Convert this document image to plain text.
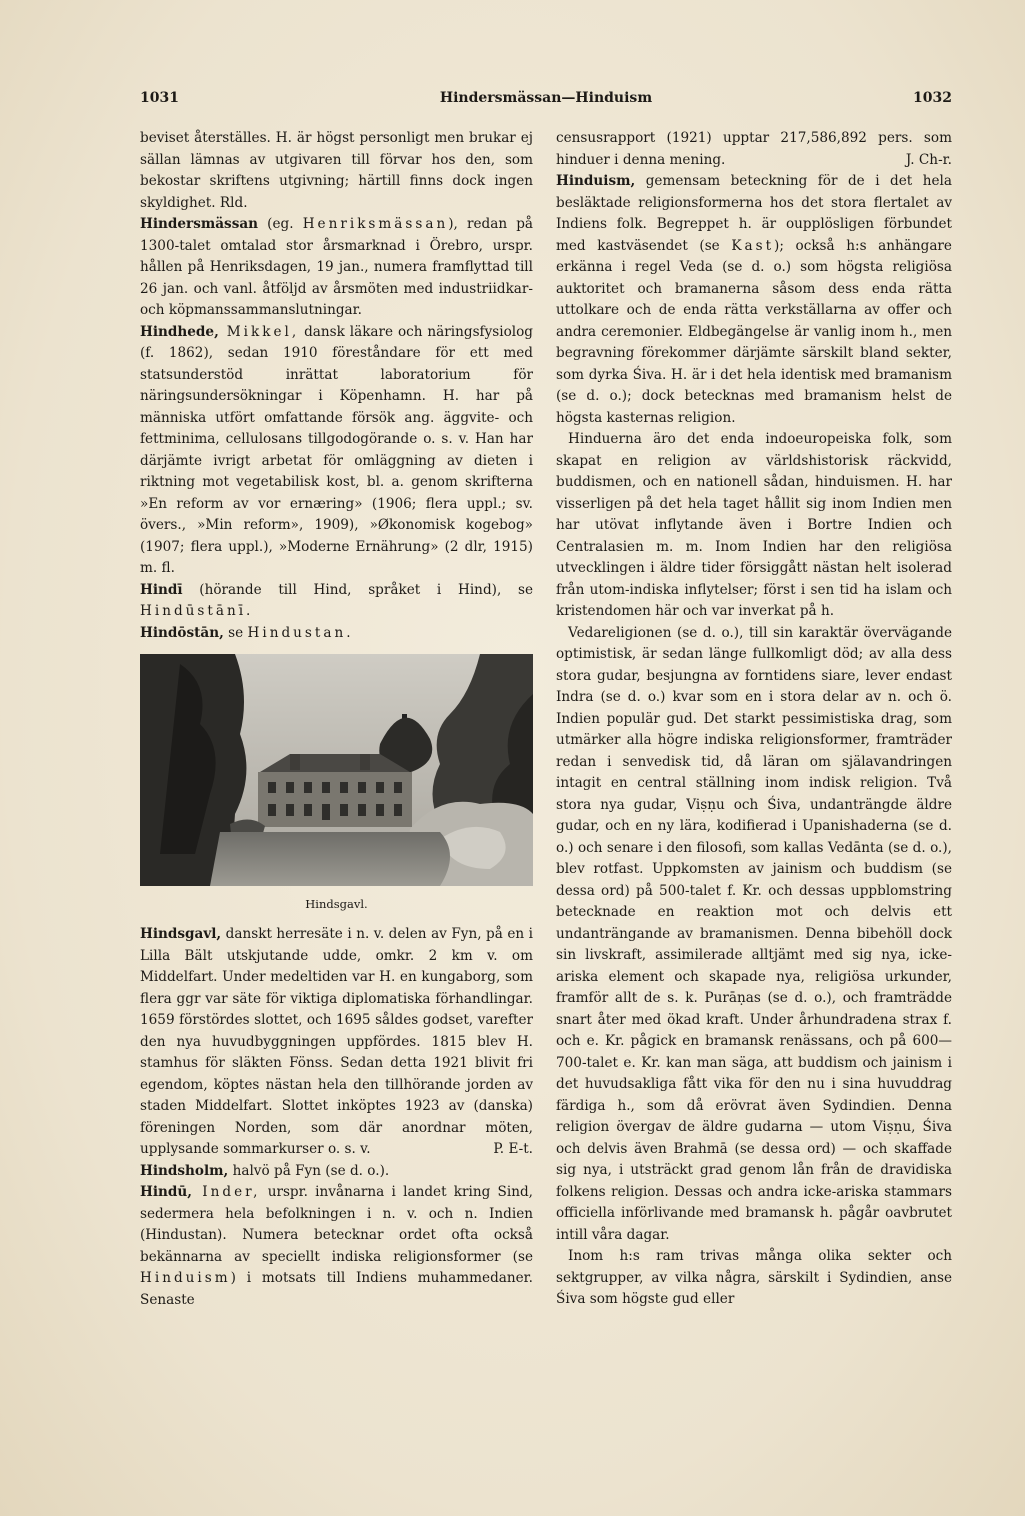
1031	Hindersmässan—Hinduism	1032

beviset återställes. H. är högst personligt men brukar ej sällan lämnas av utgivaren till förvar hos den, som bekostar skriftens utgivning; härtill finns dock ingen skyldighet. Rld.

Hindersmässan (eg. Henriksmässan), redan på 1300-talet omtalad stor årsmarknad i Örebro, urspr. hållen på Henriksdagen, 19 jan., numera framflyttad till 26 jan. och vanl. åtföljd av årsmöten med industriidkar- och köpmanssammanslutningar.

Hindhede, Mikkel, dansk läkare och näringsfysiolog (f. 1862), sedan 1910 föreståndare för ett med statsunderstöd inrättat laboratorium för näringsundersökningar i Köpenhamn. H. har på människa utfört omfattande försök ang. äggvite- och fettminima, cellulosans tillgodogörande o. s. v. Han har därjämte ivrigt arbetat för omläggning av dieten i riktning mot vegetabilisk kost, bl. a. genom skrifterna »En reform av vor ernæring» (1906; flera uppl.; sv. övers., »Min reform», 1909), »Økonomisk kogebog» (1907; flera uppl.), »Moderne Ernährung» (2 dlr, 1915) m. fl.

Hindī (hörande till Hind, språket i Hind), se Hindūstānī.

Hindōstān, se Hindustan.

Hindsgavl.

Hindsgavl, danskt herresäte i n. v. delen av Fyn, på en i Lilla Bält utskjutande udde, omkr. 2 km v. om Middelfart. Under medeltiden var H. en kungaborg, som flera ggr var säte för viktiga diplomatiska förhandlingar. 1659 förstördes slottet, och 1695 såldes godset, varefter den nya huvudbyggningen uppfördes. 1815 blev H. stamhus för släkten Fönss. Sedan detta 1921 blivit fri egendom, köptes nästan hela den tillhörande jorden av staden Middelfart. Slottet inköptes 1923 av (danska) föreningen Norden, som där anordnar möten, upplysande sommarkurser o. s. v.	P. E-t.

Hindsholm, halvö på Fyn (se d. o.).

Hindū, Inder, urspr. invånarna i landet kring Sind, sedermera hela befolkningen i n. v. och n. Indien (Hindustan). Numera betecknar ordet ofta också bekännarna av speciellt indiska religionsformer (se Hinduism) i motsats till Indiens muhammedaner. Senaste

censusrapport (1921) upptar 217,586,892 pers. som hinduer i denna mening.	J. Ch-r.

Hinduism, gemensam beteckning för de i det hela besläktade religionsformerna hos det stora flertalet av Indiens folk. Begreppet h. är oupplösligen förbundet med kastväsendet (se Kast); också h:s anhängare erkänna i regel Veda (se d. o.) som högsta religiösa auktoritet och bramanerna såsom dess enda rätta uttolkare och de enda rätta verkställarna av offer och andra ceremonier. Eldbegängelse är vanlig inom h., men begravning förekommer därjämte särskilt bland sekter, som dyrka Śiva. H. är i det hela identisk med bramanism (se d. o.); dock betecknas med bramanism helst de högsta kasternas religion.

Hinduerna äro det enda indoeuropeiska folk, som skapat en religion av världshistorisk räckvidd, buddismen, och en nationell sådan, hinduismen. H. har visserligen på det hela taget hållit sig inom Indien men har utövat inflytande även i Bortre Indien och Centralasien m. m. Inom Indien har den religiösa utvecklingen i äldre tider försiggått nästan helt isolerad från utom-indiska inflytelser; först i sen tid ha islam och kristendomen här och var inverkat på h.

Vedareligionen (se d. o.), till sin karaktär övervägande optimistisk, är sedan länge fullkomligt död; av alla dess stora gudar, besjungna av forntidens siare, lever endast Indra (se d. o.) kvar som en i stora delar av n. och ö. Indien populär gud. Det starkt pessimistiska drag, som utmärker alla högre indiska religionsformer, framträder redan i senvedisk tid, då läran om själavandringen intagit en central ställning inom indisk religion. Två stora nya gudar, Viṣṇu och Śiva, undanträngde äldre gudar, och en ny lära, kodifierad i Upanishaderna (se d. o.) och senare i den filosofi, som kallas Vedānta (se d. o.), blev rotfast. Uppkomsten av jainism och buddism (se dessa ord) på 500-talet f. Kr. och dessas uppblomstring betecknade en reaktion mot och delvis ett undanträngande av bramanismen. Denna bibehöll dock sin livskraft, assimilerade alltjämt med sig nya, icke-ariska element och skapade nya, religiösa urkunder, framför allt de s. k. Purāṇas (se d. o.), och framträdde snart åter med ökad kraft. Under århundradena strax f. och e. Kr. pågick en bramansk renässans, och på 600—700-talet e. Kr. kan man säga, att buddism och jainism i det huvudsakliga fått vika för den nu i sina huvuddrag färdiga h., som då erövrat även Sydindien. Denna religion övergav de äldre gudarna — utom Viṣṇu, Śiva och delvis även Brahmā (se dessa ord) — och skaffade sig nya, i utsträckt grad genom lån från de dravidiska folkens religion. Dessas och andra icke-ariska stammars officiella införlivande med bramansk h. pågår oavbrutet intill våra dagar.

Inom h:s ram trivas många olika sekter och sektgrupper, av vilka några, särskilt i Sydindien, anse Śiva som högste gud eller
